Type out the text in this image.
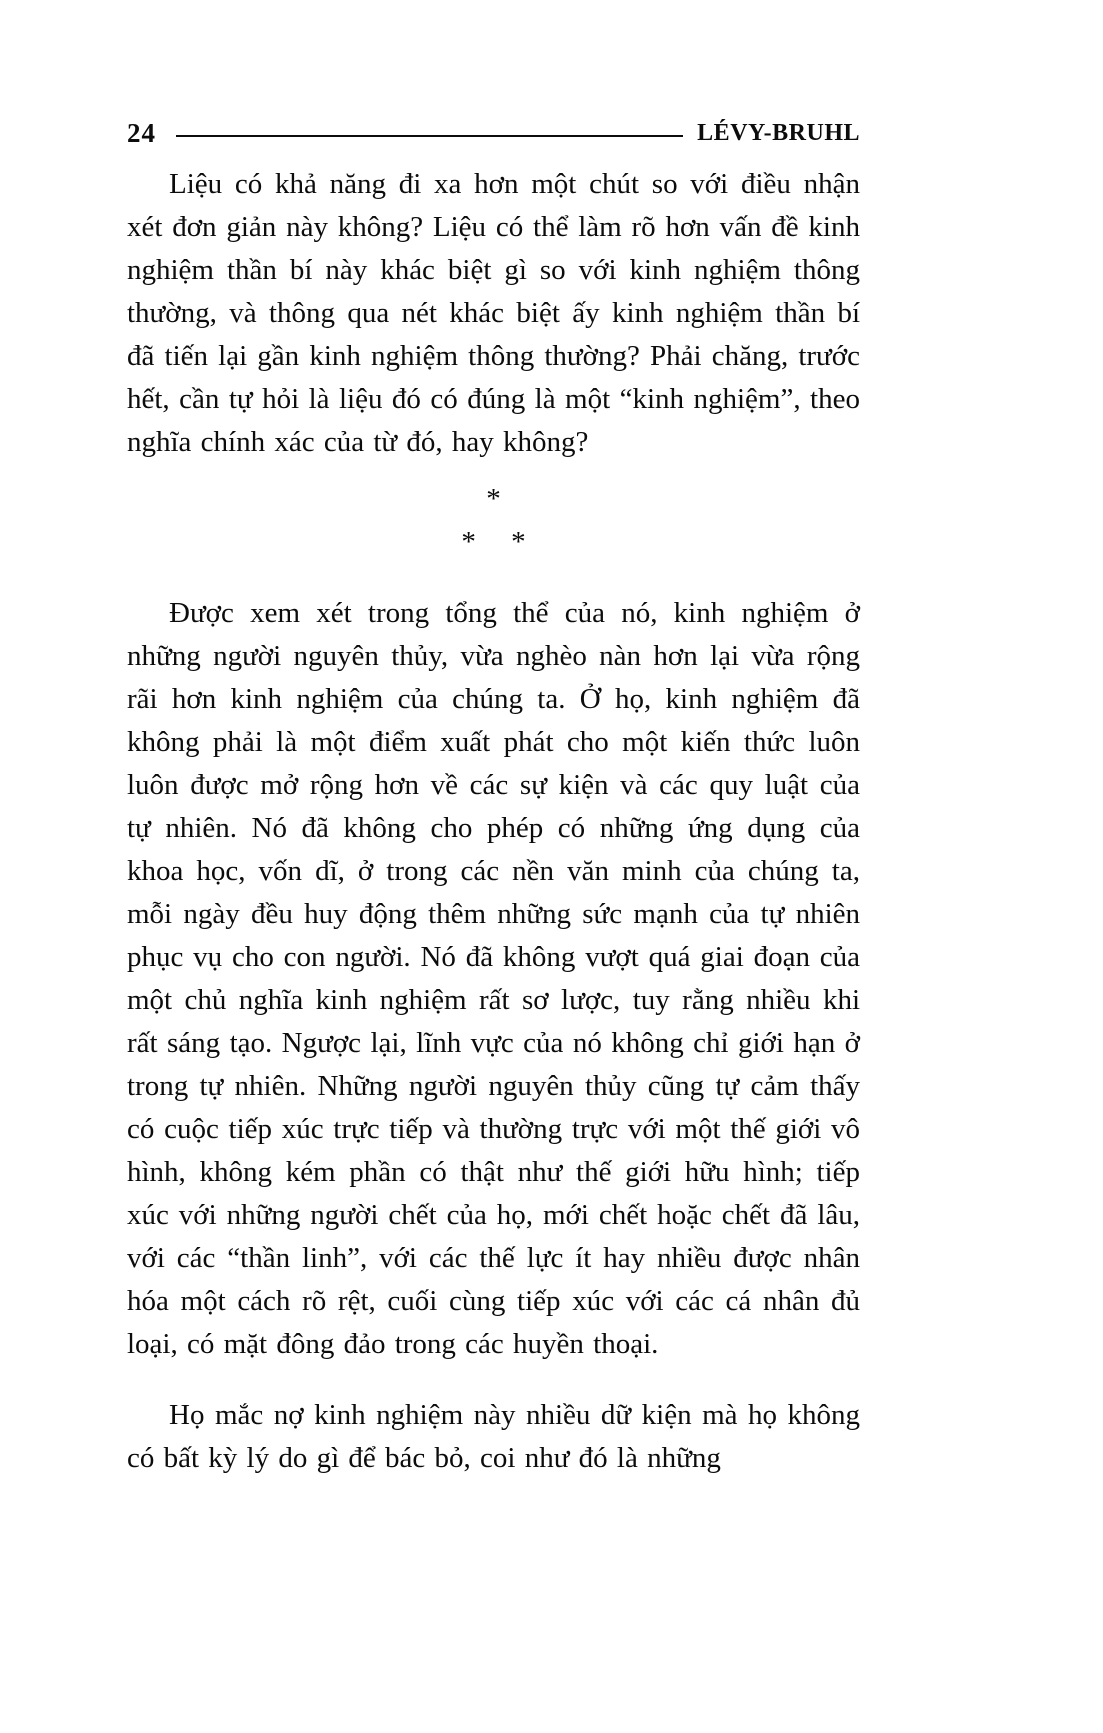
24	LÉVY-BRUHL

Liệu có khả năng đi xa hơn một chút so với điều nhận xét đơn giản này không? Liệu có thể làm rõ hơn vấn đề kinh nghiệm thần bí này khác biệt gì so với kinh nghiệm thông thường, và thông qua nét khác biệt ấy kinh nghiệm thần bí đã tiến lại gần kinh nghiệm thông thường? Phải chăng, trước hết, cần tự hỏi là liệu đó có đúng là một “kinh nghiệm”, theo nghĩa chính xác của từ đó, hay không?

*
* *

Được xem xét trong tổng thể của nó, kinh nghiệm ở những người nguyên thủy, vừa nghèo nàn hơn lại vừa rộng rãi hơn kinh nghiệm của chúng ta. Ở họ, kinh nghiệm đã không phải là một điểm xuất phát cho một kiến thức luôn luôn được mở rộng hơn về các sự kiện và các quy luật của tự nhiên. Nó đã không cho phép có những ứng dụng của khoa học, vốn dĩ, ở trong các nền văn minh của chúng ta, mỗi ngày đều huy động thêm những sức mạnh của tự nhiên phục vụ cho con người. Nó đã không vượt quá giai đoạn của một chủ nghĩa kinh nghiệm rất sơ lược, tuy rằng nhiều khi rất sáng tạo. Ngược lại, lĩnh vực của nó không chỉ giới hạn ở trong tự nhiên. Những người nguyên thủy cũng tự cảm thấy có cuộc tiếp xúc trực tiếp và thường trực với một thế giới vô hình, không kém phần có thật như thế giới hữu hình; tiếp xúc với những người chết của họ, mới chết hoặc chết đã lâu, với các “thần linh”, với các thế lực ít hay nhiều được nhân hóa một cách rõ rệt, cuối cùng tiếp xúc với các cá nhân đủ loại, có mặt đông đảo trong các huyền thoại.

Họ mắc nợ kinh nghiệm này nhiều dữ kiện mà họ không có bất kỳ lý do gì để bác bỏ, coi như đó là những
